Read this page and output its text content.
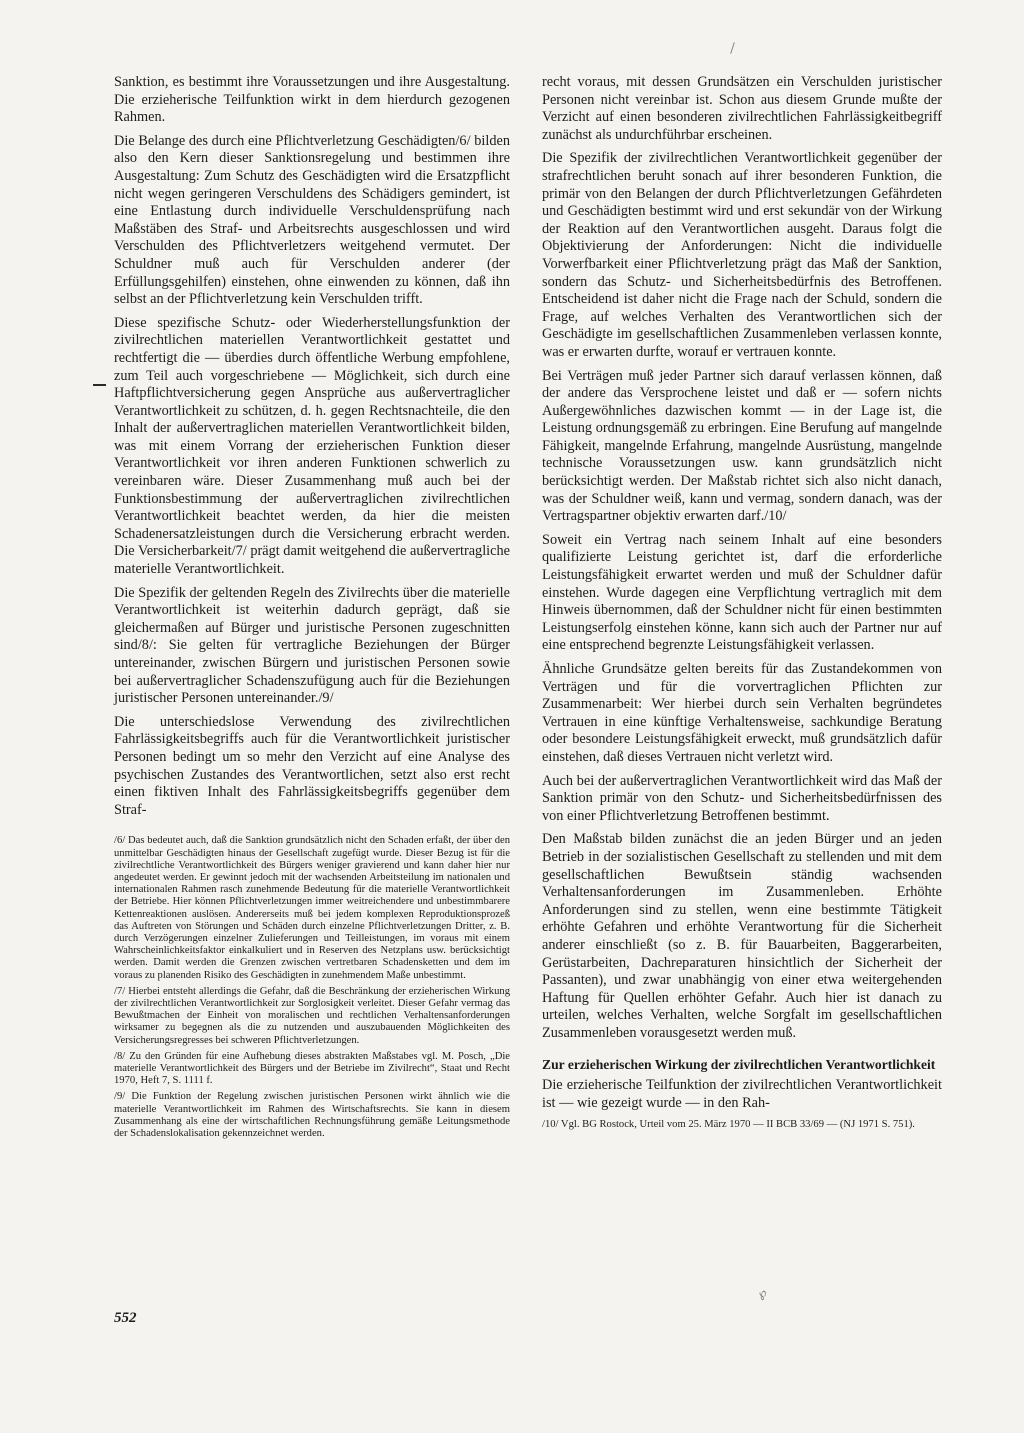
Sanktion, es bestimmt ihre Voraussetzungen und ihre Ausgestaltung. Die erzieherische Teilfunktion wirkt in dem hierdurch gezogenen Rahmen.

Die Belange des durch eine Pflichtverletzung Geschädigten/6/ bilden also den Kern dieser Sanktionsregelung und bestimmen ihre Ausgestaltung: Zum Schutz des Geschädigten wird die Ersatzpflicht nicht wegen geringeren Verschuldens des Schädigers gemindert, ist eine Entlastung durch individuelle Verschuldensprüfung nach Maßstäben des Straf- und Arbeitsrechts ausgeschlossen und wird Verschulden des Pflichtverletzers weitgehend vermutet. Der Schuldner muß auch für Verschulden anderer (der Erfüllungsgehilfen) einstehen, ohne einwenden zu können, daß ihn selbst an der Pflichtverletzung kein Verschulden trifft.

Diese spezifische Schutz- oder Wiederherstellungsfunktion der zivilrechtlichen materiellen Verantwortlichkeit gestattet und rechtfertigt die — überdies durch öffentliche Werbung empfohlene, zum Teil auch vorgeschriebene — Möglichkeit, sich durch eine Haftpflichtversicherung gegen Ansprüche aus außervertraglicher Verantwortlichkeit zu schützen, d. h. gegen Rechtsnachteile, die den Inhalt der außervertraglichen materiellen Verantwortlichkeit bilden, was mit einem Vorrang der erzieherischen Funktion dieser Verantwortlichkeit vor ihren anderen Funktionen schwerlich zu vereinbaren wäre. Dieser Zusammenhang muß auch bei der Funktionsbestimmung der außervertraglichen zivilrechtlichen Verantwortlichkeit beachtet werden, da hier die meisten Schadenersatzleistungen durch die Versicherung erbracht werden. Die Versicherbarkeit/7/ prägt damit weitgehend die außervertragliche materielle Verantwortlichkeit.

Die Spezifik der geltenden Regeln des Zivilrechts über die materielle Verantwortlichkeit ist weiterhin dadurch geprägt, daß sie gleichermaßen auf Bürger und juristische Personen zugeschnitten sind/8/: Sie gelten für vertragliche Beziehungen der Bürger untereinander, zwischen Bürgern und juristischen Personen sowie bei außervertraglicher Schadenszufügung auch für die Beziehungen juristischer Personen untereinander./9/

Die unterschiedslose Verwendung des zivilrechtlichen Fahrlässigkeitsbegriffs auch für die Verantwortlichkeit juristischer Personen bedingt um so mehr den Verzicht auf eine Analyse des psychischen Zustandes des Verantwortlichen, setzt also erst recht einen fiktiven Inhalt des Fahrlässigkeitsbegriffs gegenüber dem Straf-

/6/ Das bedeutet auch, daß die Sanktion grundsätzlich nicht den Schaden erfaßt, der über den unmittelbar Geschädigten hinaus der Gesellschaft zugefügt wurde. Dieser Bezug ist für die zivilrechtliche Verantwortlichkeit des Bürgers weniger gravierend und kann daher hier nur angedeutet werden. Er gewinnt jedoch mit der wachsenden Arbeitsteilung im nationalen und internationalen Rahmen rasch zunehmende Bedeutung für die materielle Verantwortlichkeit der Betriebe. Hier können Pflichtverletzungen immer weitreichendere und unbestimmbarere Kettenreaktionen auslösen. Andererseits muß bei jedem komplexen Reproduktionsprozeß das Auftreten von Störungen und Schäden durch einzelne Pflichtverletzungen Dritter, z. B. durch Verzögerungen einzelner Zulieferungen und Teilleistungen, im voraus mit einem Wahrscheinlichkeitsfaktor einkalkuliert und in Reserven des Netzplans usw. berücksichtigt werden. Damit werden die Grenzen zwischen vertretbaren Schadensketten und dem im voraus zu planenden Risiko des Geschädigten in zunehmendem Maße unbestimmt.

/7/ Hierbei entsteht allerdings die Gefahr, daß die Beschränkung der erzieherischen Wirkung der zivilrechtlichen Verantwortlichkeit zur Sorglosigkeit verleitet. Dieser Gefahr vermag das Bewußtmachen der Einheit von moralischen und rechtlichen Verhaltensanforderungen wirksamer zu begegnen als die zu nutzenden und auszubauenden Möglichkeiten des Versicherungsregresses bei schweren Pflichtverletzungen.

/8/ Zu den Gründen für eine Aufhebung dieses abstrakten Maßstabes vgl. M. Posch, „Die materielle Verantwortlichkeit des Bürgers und der Betriebe im Zivilrecht“, Staat und Recht 1970, Heft 7, S. 1111 f.

/9/ Die Funktion der Regelung zwischen juristischen Personen wirkt ähnlich wie die materielle Verantwortlichkeit im Rahmen des Wirtschaftsrechts. Sie kann in diesem Zusammenhang als eine der wirtschaftlichen Rechnungsführung gemäße Leitungsmethode der Schadenslokalisation gekennzeichnet werden.

recht voraus, mit dessen Grundsätzen ein Verschulden juristischer Personen nicht vereinbar ist. Schon aus diesem Grunde mußte der Verzicht auf einen besonderen zivilrechtlichen Fahrlässigkeitbegriff zunächst als undurchführbar erscheinen.

Die Spezifik der zivilrechtlichen Verantwortlichkeit gegenüber der strafrechtlichen beruht sonach auf ihrer besonderen Funktion, die primär von den Belangen der durch Pflichtverletzungen Gefährdeten und Geschädigten bestimmt wird und erst sekundär von der Wirkung der Reaktion auf den Verantwortlichen ausgeht. Daraus folgt die Objektivierung der Anforderungen: Nicht die individuelle Vorwerfbarkeit einer Pflichtverletzung prägt das Maß der Sanktion, sondern das Schutz- und Sicherheitsbedürfnis des Betroffenen. Entscheidend ist daher nicht die Frage nach der Schuld, sondern die Frage, auf welches Verhalten des Verantwortlichen sich der Geschädigte im gesellschaftlichen Zusammenleben verlassen konnte, was er erwarten durfte, worauf er vertrauen konnte.

Bei Verträgen muß jeder Partner sich darauf verlassen können, daß der andere das Versprochene leistet und daß er — sofern nichts Außergewöhnliches dazwischen kommt — in der Lage ist, die Leistung ordnungsgemäß zu erbringen. Eine Berufung auf mangelnde Fähigkeit, mangelnde Erfahrung, mangelnde Ausrüstung, mangelnde technische Voraussetzungen usw. kann grundsätzlich nicht berücksichtigt werden. Der Maßstab richtet sich also nicht danach, was der Schuldner weiß, kann und vermag, sondern danach, was der Vertragspartner objektiv erwarten darf./10/

Soweit ein Vertrag nach seinem Inhalt auf eine besonders qualifizierte Leistung gerichtet ist, darf die erforderliche Leistungsfähigkeit erwartet werden und muß der Schuldner dafür einstehen. Wurde dagegen eine Verpflichtung vertraglich mit dem Hinweis übernommen, daß der Schuldner nicht für einen bestimmten Leistungserfolg einstehen könne, kann sich auch der Partner nur auf eine entsprechend begrenzte Leistungsfähigkeit verlassen.

Ähnliche Grundsätze gelten bereits für das Zustandekommen von Verträgen und für die vorvertraglichen Pflichten zur Zusammenarbeit: Wer hierbei durch sein Verhalten begründetes Vertrauen in eine künftige Verhaltensweise, sachkundige Beratung oder besondere Leistungsfähigkeit erweckt, muß grundsätzlich dafür einstehen, daß dieses Vertrauen nicht verletzt wird.

Auch bei der außervertraglichen Verantwortlichkeit wird das Maß der Sanktion primär von den Schutz- und Sicherheitsbedürfnissen des von einer Pflichtverletzung Betroffenen bestimmt.

Den Maßstab bilden zunächst die an jeden Bürger und an jeden Betrieb in der sozialistischen Gesellschaft zu stellenden und mit dem gesellschaftlichen Bewußtsein ständig wachsenden Verhaltensanforderungen im Zusammenleben. Erhöhte Anforderungen sind zu stellen, wenn eine bestimmte Tätigkeit erhöhte Gefahren und erhöhte Verantwortung für die Sicherheit anderer einschließt (so z. B. für Bauarbeiten, Baggerarbeiten, Gerüstarbeiten, Dachreparaturen hinsichtlich der Sicherheit der Passanten), und zwar unabhängig von einer etwa weitergehenden Haftung für Quellen erhöhter Gefahr. Auch hier ist danach zu urteilen, welches Verhalten, welche Sorgfalt im gesellschaftlichen Zusammenleben vorausgesetzt werden muß.

Zur erzieherischen Wirkung der zivilrechtlichen Verantwortlichkeit

Die erzieherische Teilfunktion der zivilrechtlichen Verantwortlichkeit ist — wie gezeigt wurde — in den Rah-

/10/ Vgl. BG Rostock, Urteil vom 25. März 1970 — II BCB 33/69 — (NJ 1971 S. 751).

℘
552
